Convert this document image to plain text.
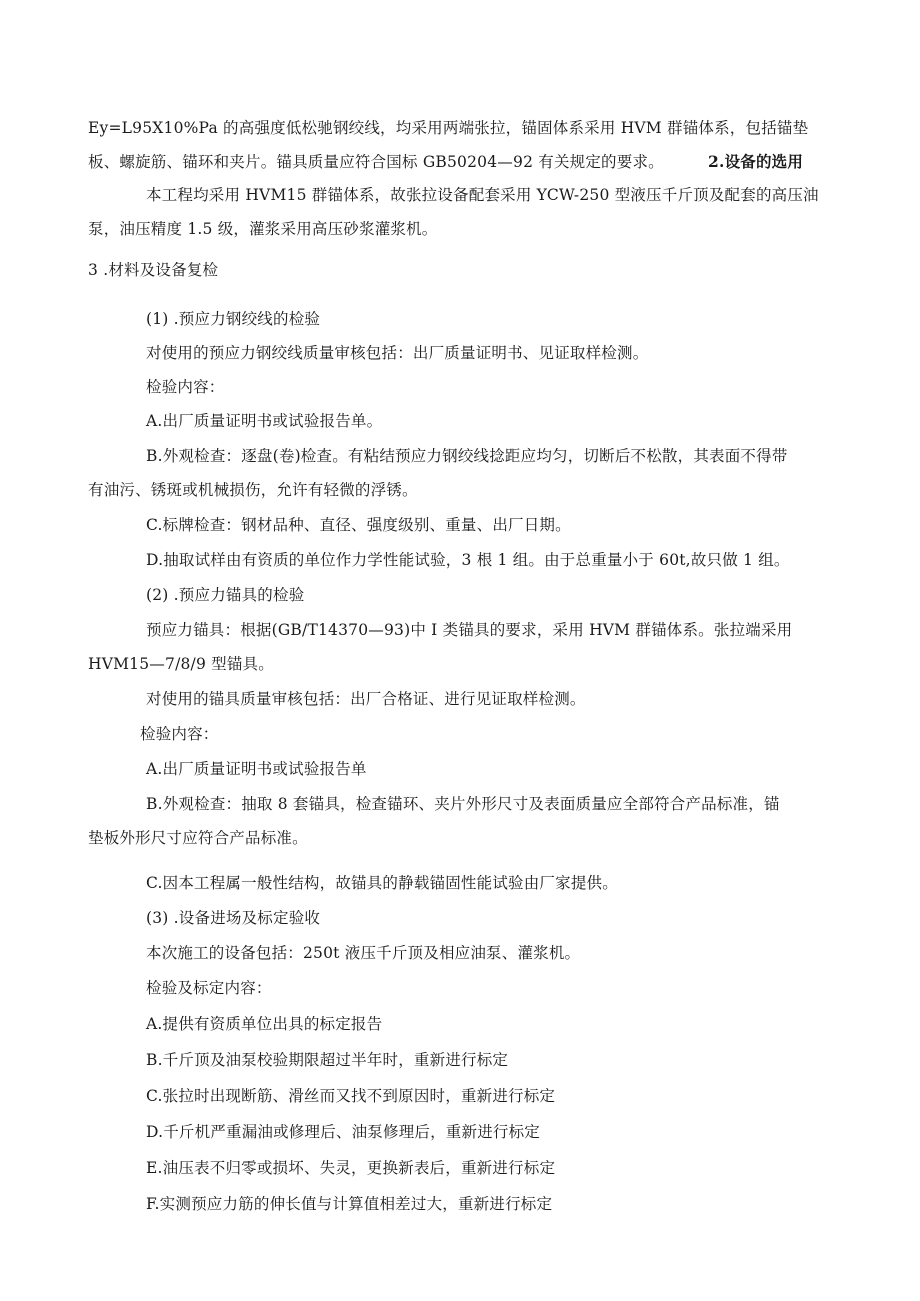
Ey=L95X10%Pa 的高强度低松驰钢绞线，均采用两端张拉，锚固体系采用 HVM 群锚体系，包括锚垫
板、螺旋筋、锚环和夹片。锚具质量应符合国标 GB50204—92 有关规定的要求。	2.设备的选用
本工程均采用 HVM15 群锚体系，故张拉设备配套采用 YCW-250 型液压千斤顶及配套的高压油
泵，油压精度 1.5 级，灌浆采用高压砂浆灌浆机。
3 .材料及设备复检
(1) .预应力钢绞线的检验
对使用的预应力钢绞线质量审核包括：出厂质量证明书、见证取样检测。
检验内容：
A.出厂质量证明书或试验报告单。
B.外观检查：逐盘(卷)检查。有粘结预应力钢绞线捻距应均匀，切断后不松散，其表面不得带
有油污、锈斑或机械损伤，允许有轻微的浮锈。
C.标牌检查：钢材品种、直径、强度级别、重量、出厂日期。
D.抽取试样由有资质的单位作力学性能试验，3 根 1 组。由于总重量小于 60t,故只做 1 组。
(2) .预应力锚具的检验
预应力锚具：根据(GB/T14370—93)中 I 类锚具的要求，采用 HVM 群锚体系。张拉端采用
HVM15—7/8/9 型锚具。
对使用的锚具质量审核包括：出厂合格证、进行见证取样检测。
检验内容：
A.出厂质量证明书或试验报告单
B.外观检查：抽取 8 套锚具，检查锚环、夹片外形尺寸及表面质量应全部符合产品标准，锚
垫板外形尺寸应符合产品标准。
C.因本工程属一般性结构，故锚具的静载锚固性能试验由厂家提供。
(3) .设备进场及标定验收
本次施工的设备包括：250t 液压千斤顶及相应油泵、灌浆机。
检验及标定内容：
A.提供有资质单位出具的标定报告
B.千斤顶及油泵校验期限超过半年时，重新进行标定
C.张拉时出现断筋、滑丝而又找不到原因时，重新进行标定
D.千斤机严重漏油或修理后、油泵修理后，重新进行标定
E.油压表不归零或损坏、失灵，更换新表后，重新进行标定
F.实测预应力筋的伸长值与计算值相差过大，重新进行标定
